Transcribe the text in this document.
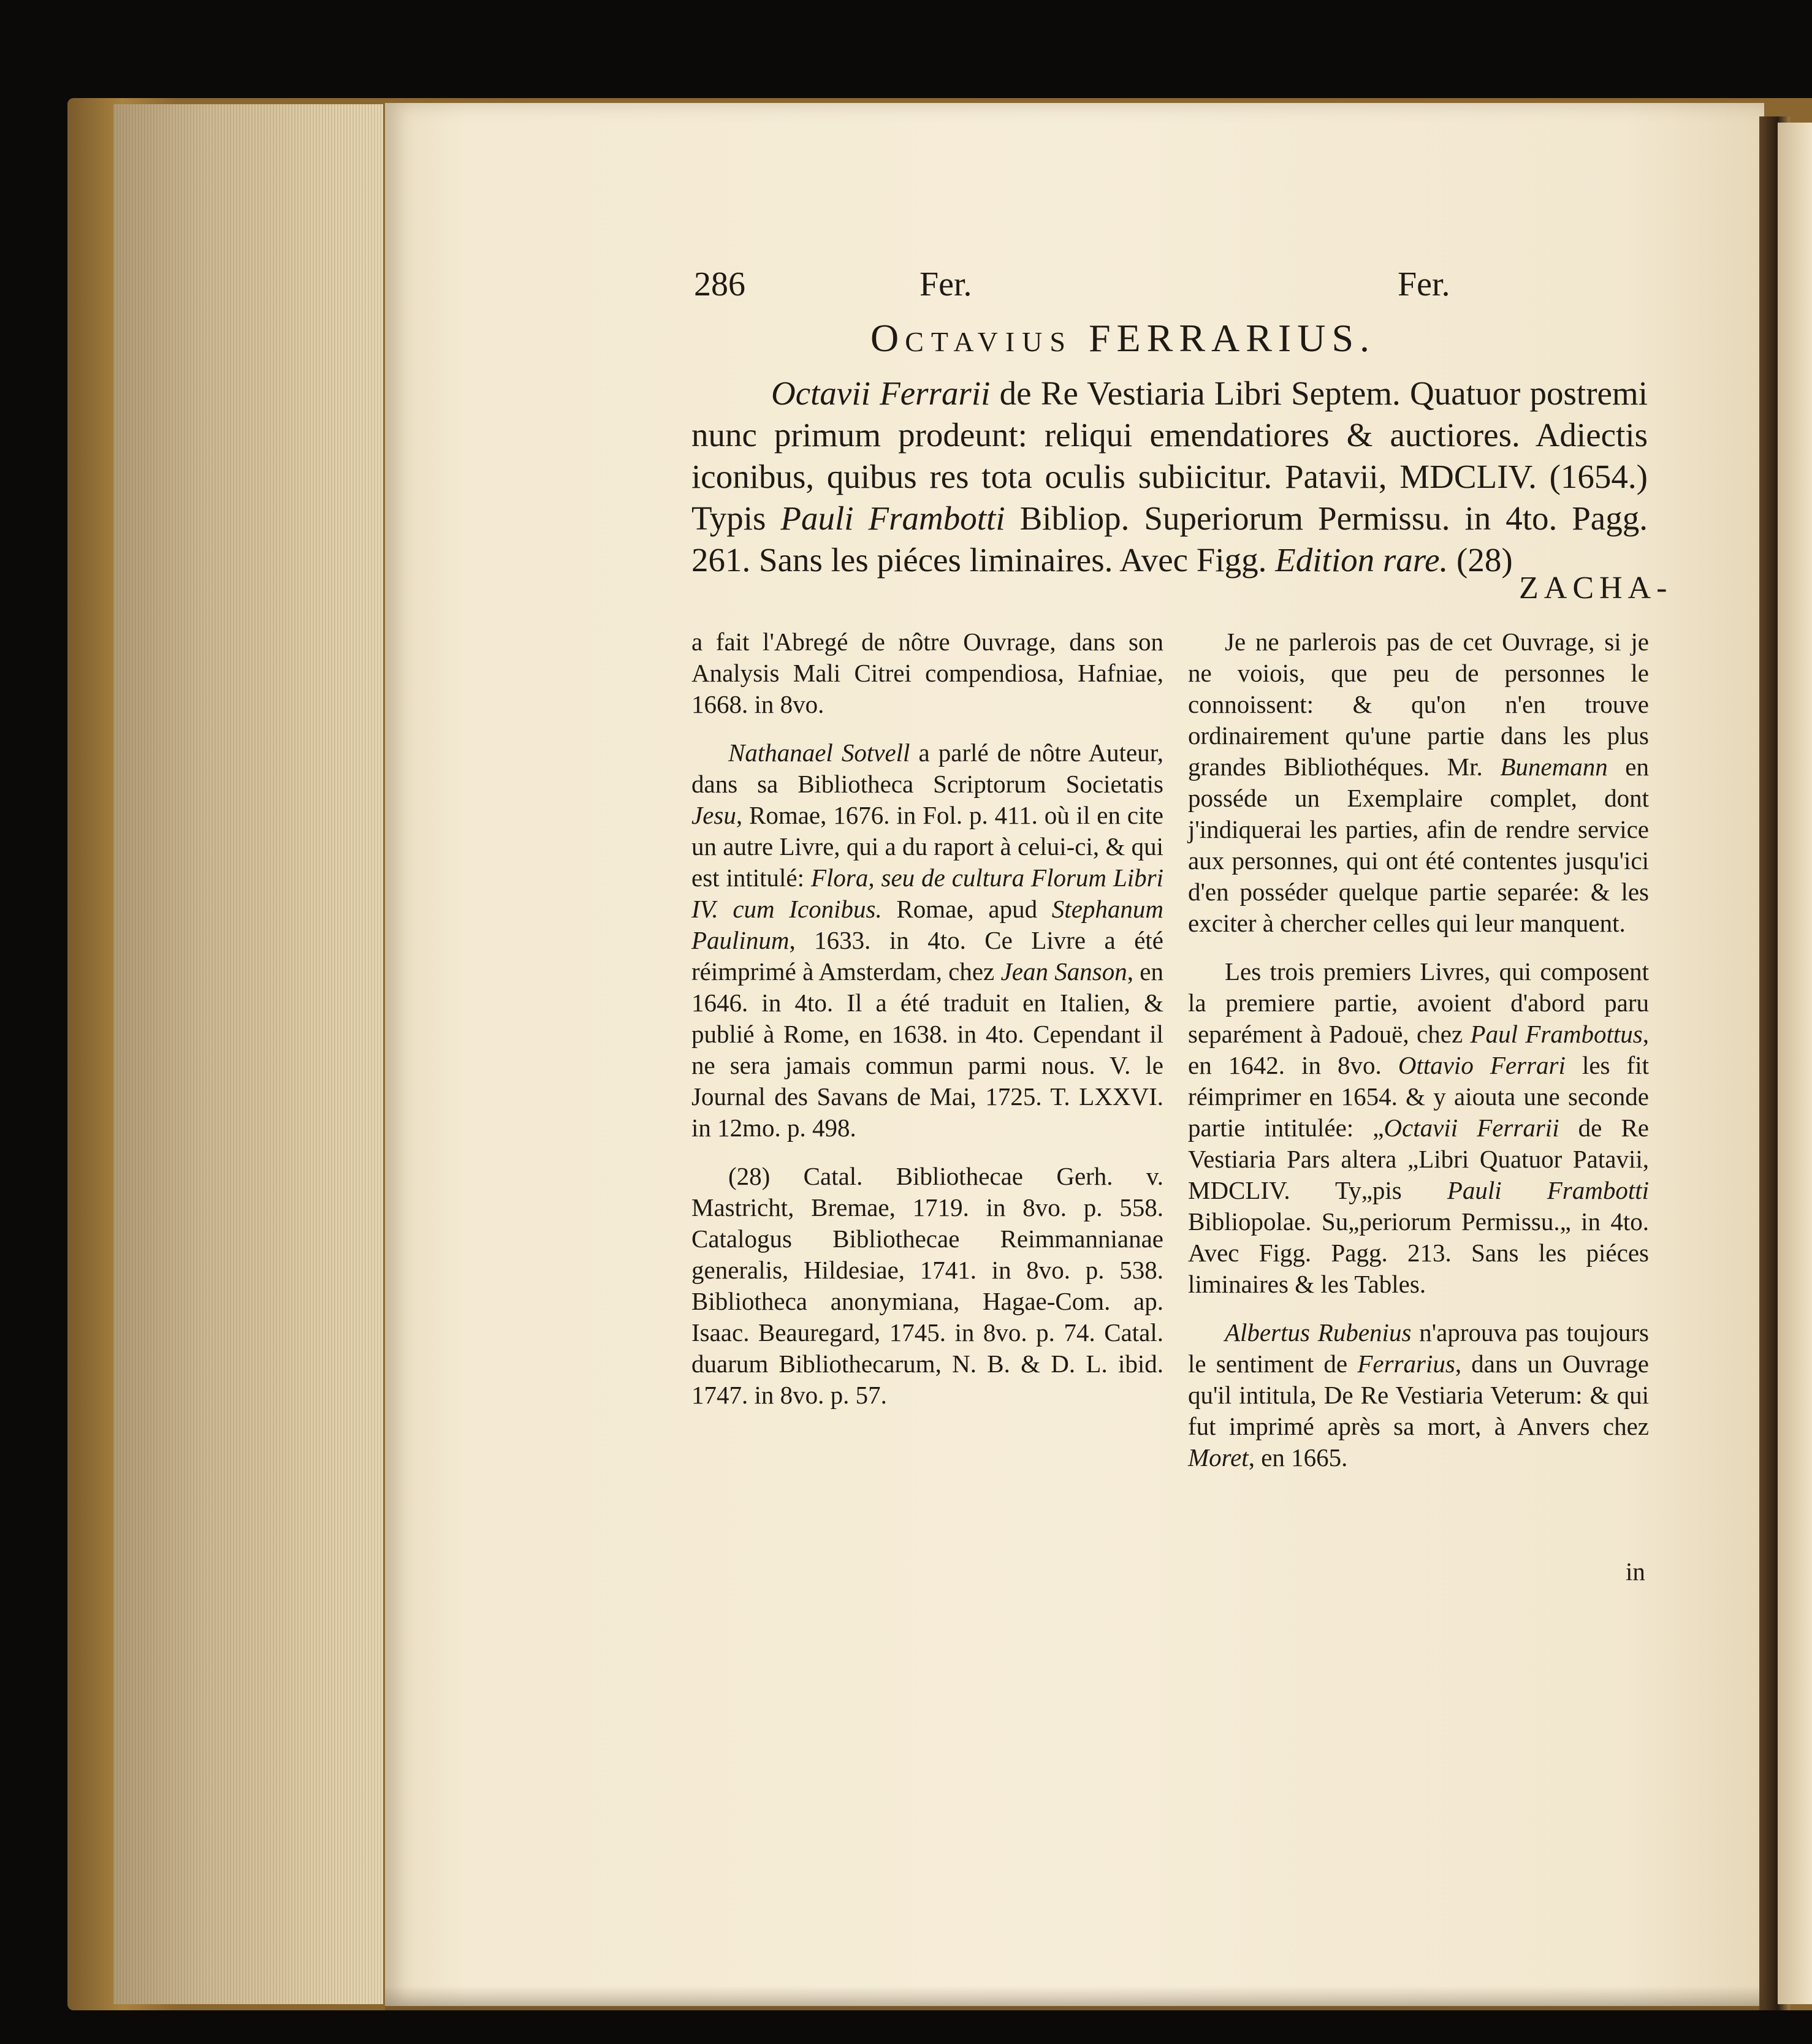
286	Fer.	Fer.
OCTAVIUS FERRARIUS.

Octavii Ferrarii de Re Vestiaria Libri Septem. Quatuor postremi nunc primum prodeunt: reliqui emendatiores & auctiores. Adiectis iconibus, quibus res tota oculis subiicitur. Patavii, MDCLIV. (1654.) Typis Pauli Frambotti Bibliop. Superiorum Permissu. in 4to. Pagg. 261. Sans les piéces liminaires. Avec Figg. Edition rare. (28)

ZACHA-

a fait l'Abregé de nôtre Ouvrage, dans son Analysis Mali Citrei compendiosa, Hafniae, 1668. in 8vo.

Nathanael Sotvell a parlé de nôtre Auteur, dans sa Bibliotheca Scriptorum Societatis Jesu, Romae, 1676. in Fol. p. 411. où il en cite un autre Livre, qui a du raport à celui-ci, & qui est intitulé: Flora, seu de cultura Florum Libri IV. cum Iconibus. Romae, apud Stephanum Paulinum, 1633. in 4to. Ce Livre a été réimprimé à Amsterdam, chez Jean Sanson, en 1646. in 4to. Il a été traduit en Italien, & publié à Rome, en 1638. in 4to. Cependant il ne sera jamais commun parmi nous. V. le Journal des Savans de Mai, 1725. T. LXXVI. in 12mo. p. 498.

(28) Catal. Bibliothecae Gerh. v. Mastricht, Bremae, 1719. in 8vo. p. 558. Catalogus Bibliothecae Reimmannianae generalis, Hildesiae, 1741. in 8vo. p. 538. Bibliotheca anonymiana, Hagae-Com. ap. Isaac. Beauregard, 1745. in 8vo. p. 74. Catal. duarum Bibliothecarum, N. B. & D. L. ibid. 1747. in 8vo. p. 57.

Je ne parlerois pas de cet Ouvrage, si je ne voiois, que peu de personnes le connoissent: & qu'on n'en trouve ordinairement qu'une partie dans les plus grandes Bibliothéques. Mr. Bunemann en posséde un Exemplaire complet, dont j'indiquerai les parties, afin de rendre service aux personnes, qui ont été contentes jusqu'ici d'en posséder quelque partie separée: & les exciter à chercher celles qui leur manquent.

Les trois premiers Livres, qui composent la premiere partie, avoient d'abord paru separément à Padouë, chez Paul Frambottus, en 1642. in 8vo. Ottavio Ferrari les fit réimprimer en 1654. & y aiouta une seconde partie intitulée: „Octavii Ferrarii de Re Vestiaria Pars altera „Libri Quatuor Patavii, MDCLIV. Ty„pis Pauli Frambotti Bibliopolae. Su„periorum Permissu.„ in 4to. Avec Figg. Pagg. 213. Sans les piéces liminaires & les Tables.

Albertus Rubenius n'aprouva pas toujours le sentiment de Ferrarius, dans un Ouvrage qu'il intitula, De Re Vestiaria Veterum: & qui fut imprimé après sa mort, à Anvers chez Moret, en 1665.

in
